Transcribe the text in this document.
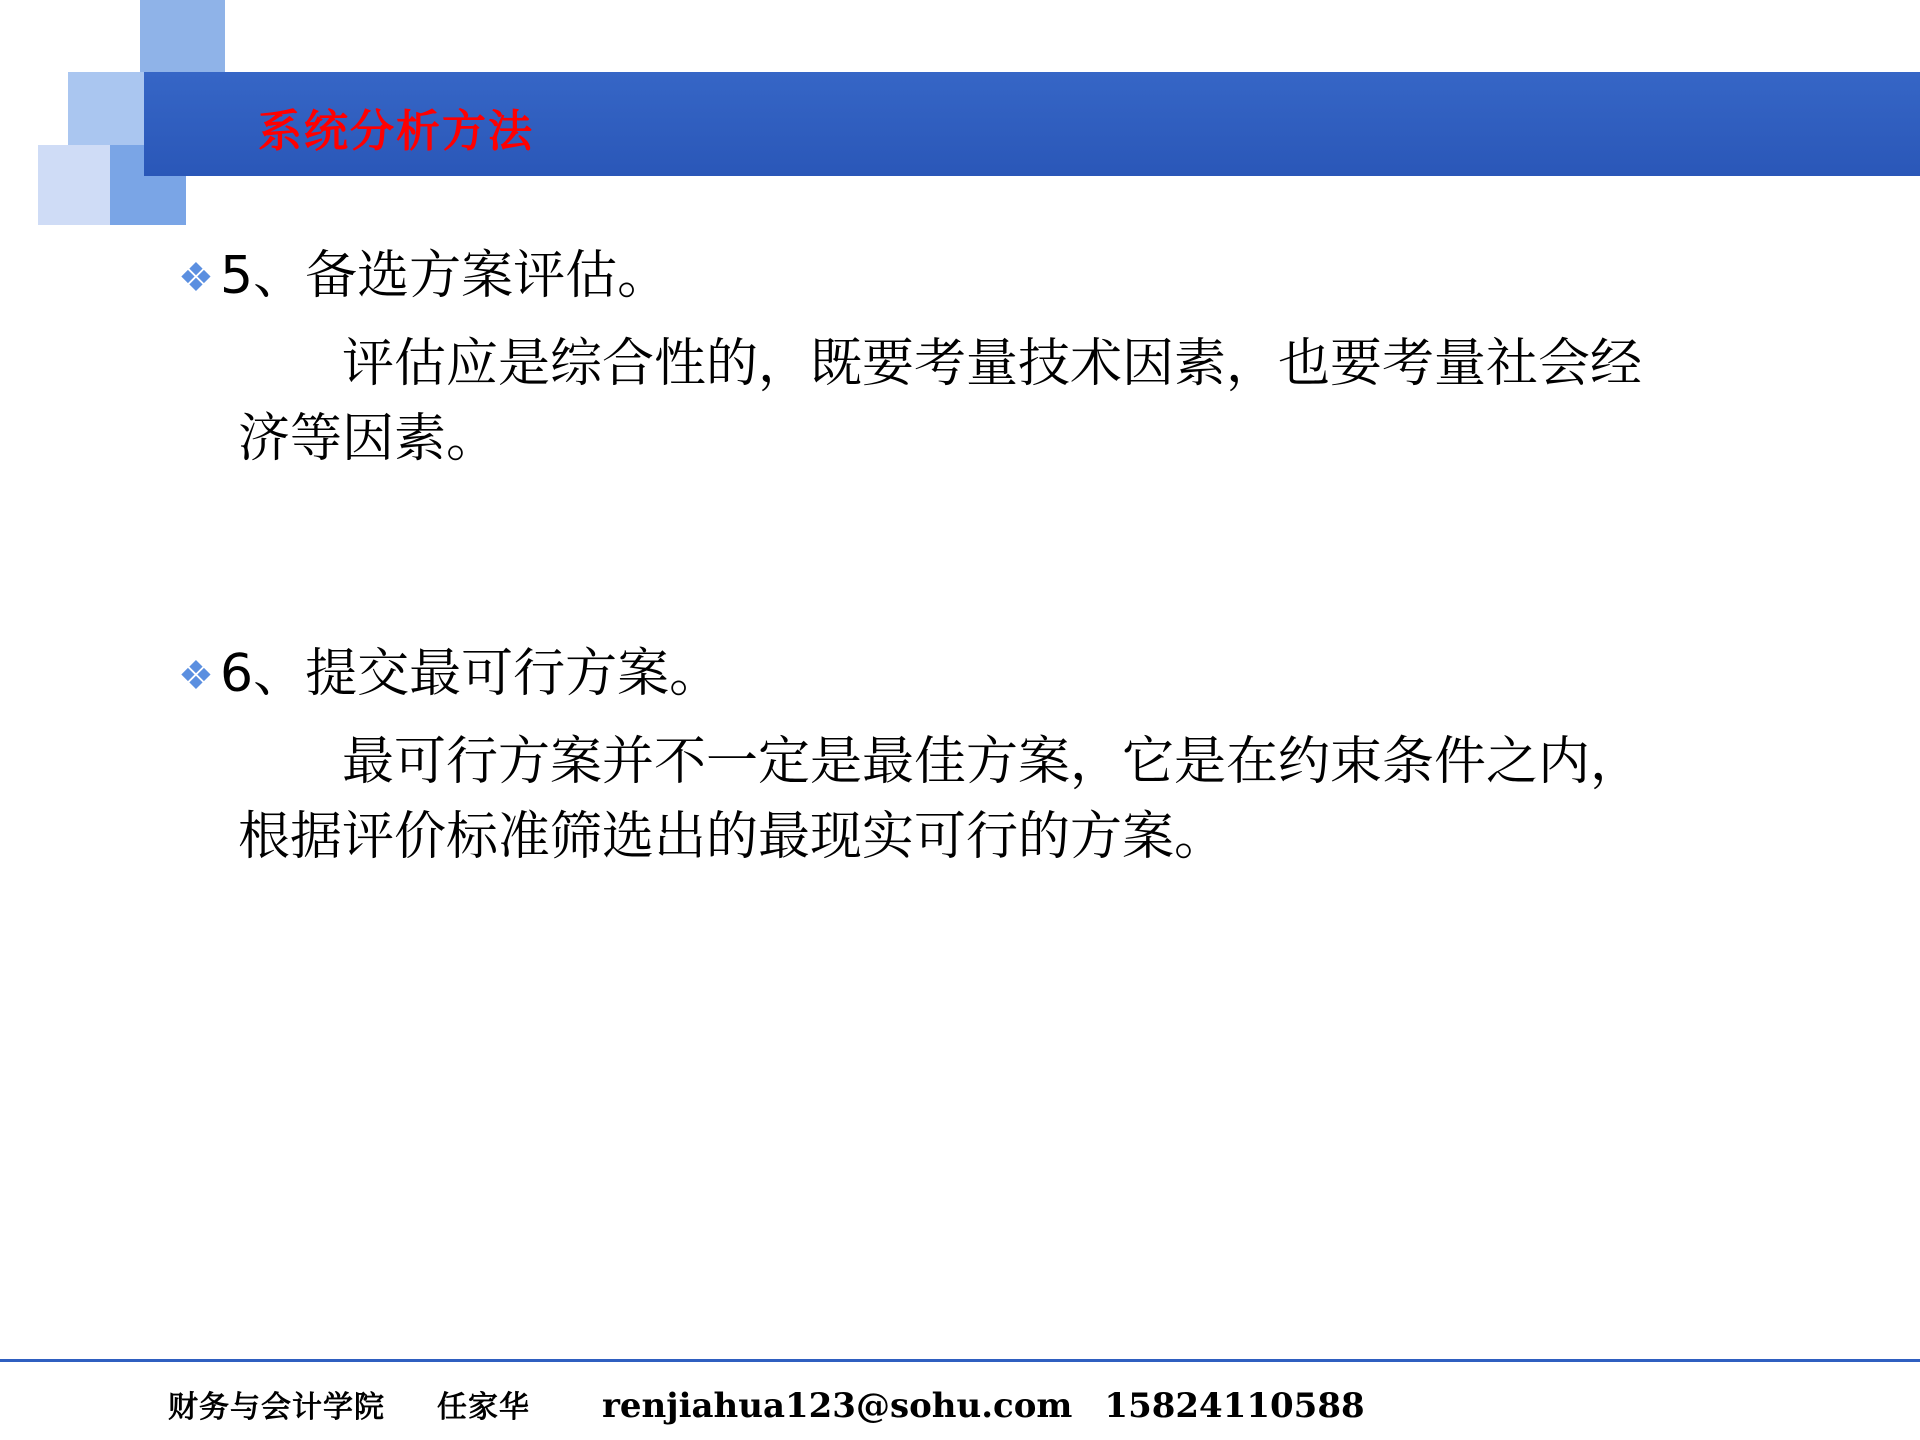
系统分析方法
❖ 5、备选方案评估。
评估应是综合性的，既要考量技术因素，也要考量社会经济等因素。
❖ 6、提交最可行方案。
最可行方案并不一定是最佳方案，它是在约束条件之内，根据评价标准筛选出的最现实可行的方案。
财务与会计学院 任家华 renjiahua123@sohu.com 15824110588
